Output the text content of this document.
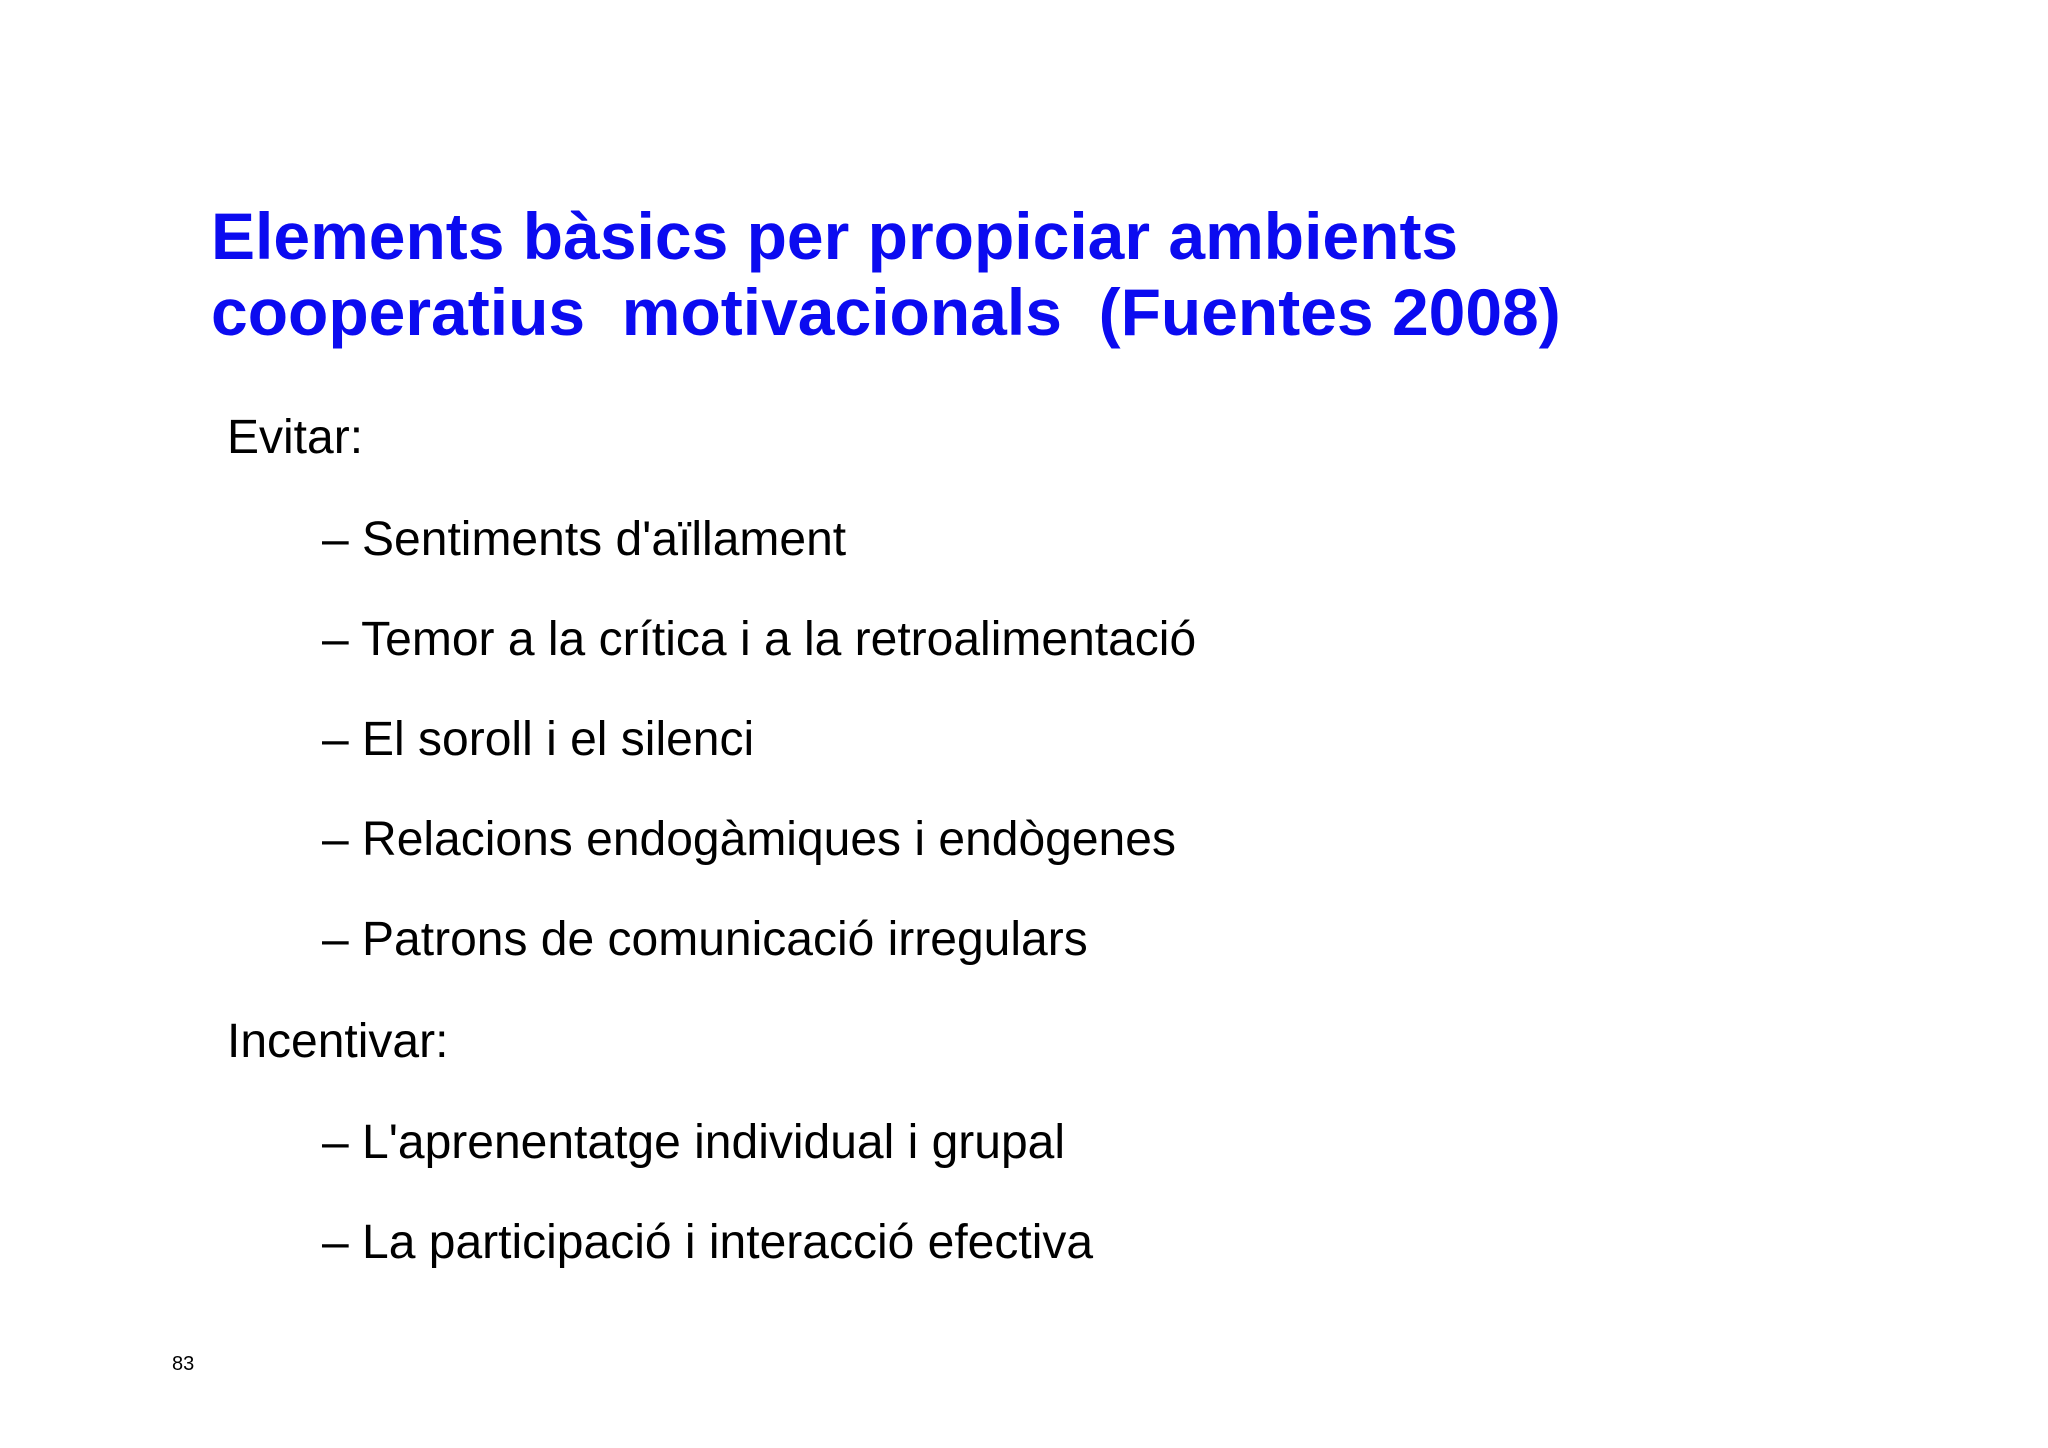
Elements bàsics per propiciar ambients
cooperatius  motivacionals  (Fuentes 2008)

Evitar:

– Sentiments d'aïllament

– Temor a la crítica i a la retroalimentació

– El soroll i el silenci

– Relacions endogàmiques i endògenes

– Patrons de comunicació irregulars

Incentivar:

– L'aprenentatge individual i grupal

– La participació i interacció efectiva

83
